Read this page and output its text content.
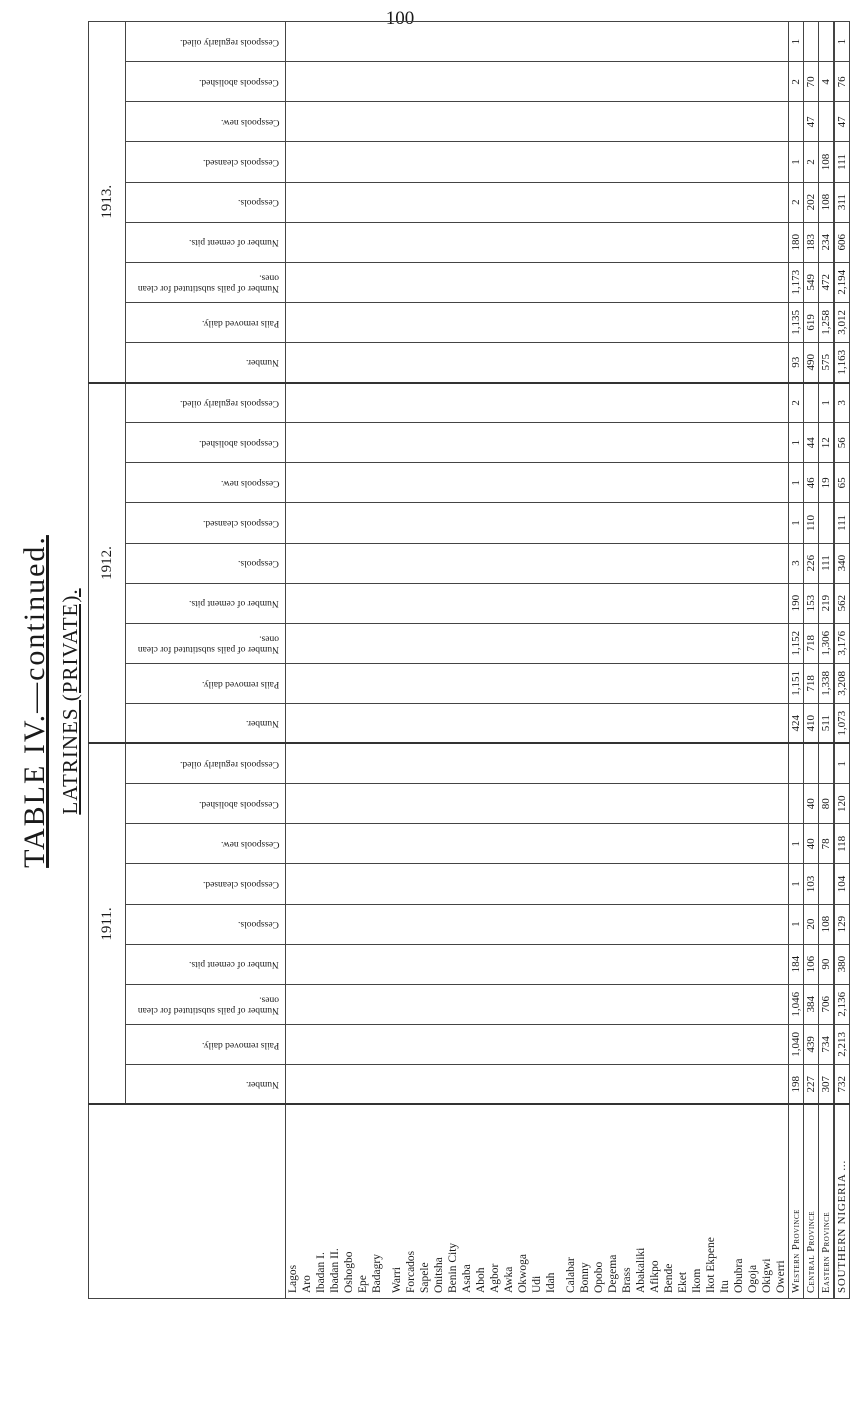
100
TABLE IV.—continued. LATRINES (PRIVATE).
	1911.									1912.									1913.								
	Number.	Pails removed daily.	Number of pails substituted for clean ones.	Number of cement pits.	Cesspools.	Cesspools cleansed.	Cesspools new.	Cesspools abolished.	Cesspools regularly oiled.	Number.	Pails removed daily.	Number of pails substituted for clean ones.	Number of cement pits.	Cesspools.	Cesspools cleansed.	Cesspools new.	Cesspools abolished.	Cesspools regularly oiled.	Number.	Pails removed daily.	Number of pails substituted for clean ones.	Number of cement pits.	Cesspools.	Cesspools cleansed.	Cesspools new.	Cesspools abolished.	Cesspools regularly oiled.
Lagos																											
Aro																											
Ibadan I.																											
Ibadan II.																											
Oshogbo																											
Epe																											
Badagry																											

Warri																											
Forcados																											
Sapele																											
Onitsha																											
Benin City																											
Asaba																											
Aboh																											
Agbor																											
Awka																											
Okwoga																											
Udi																											
Idah																											

Calabar																											
Bonny																											
Opobo																											
Degema																											
Brass																											
Abakaliki																											
Afikpo																											
Bende																											
Eket																											
Ikom																											
Ikot Ekpene																											
Itu																											
Obubra																											
Ogoja																											
Okigwi																											
Owerri																											
Western Province	198	1,040	1,046	184	1	1	1			424	1,151	1,152	190	3	1	1	1	2	93	1,135	1,173	180	2	1		2	1
Central Province	227	439	384	106	20	103	40	40		410	718	718	153	226	110	46	44		490	619	549	183	202	2	47	70	
Eastern Province	307	734	706	90	108		78	80		511	1,338	1,306	219	111		19	12	1	575	1,258	472	234	108	108		4	
SOUTHERN NIGERIA ...	732	2,213	2,136	380	129	104	118	120	1	1,073	3,208	3,176	562	340	111	65	56	3	1,163	3,012	2,194	606	311	111	47	76	1
